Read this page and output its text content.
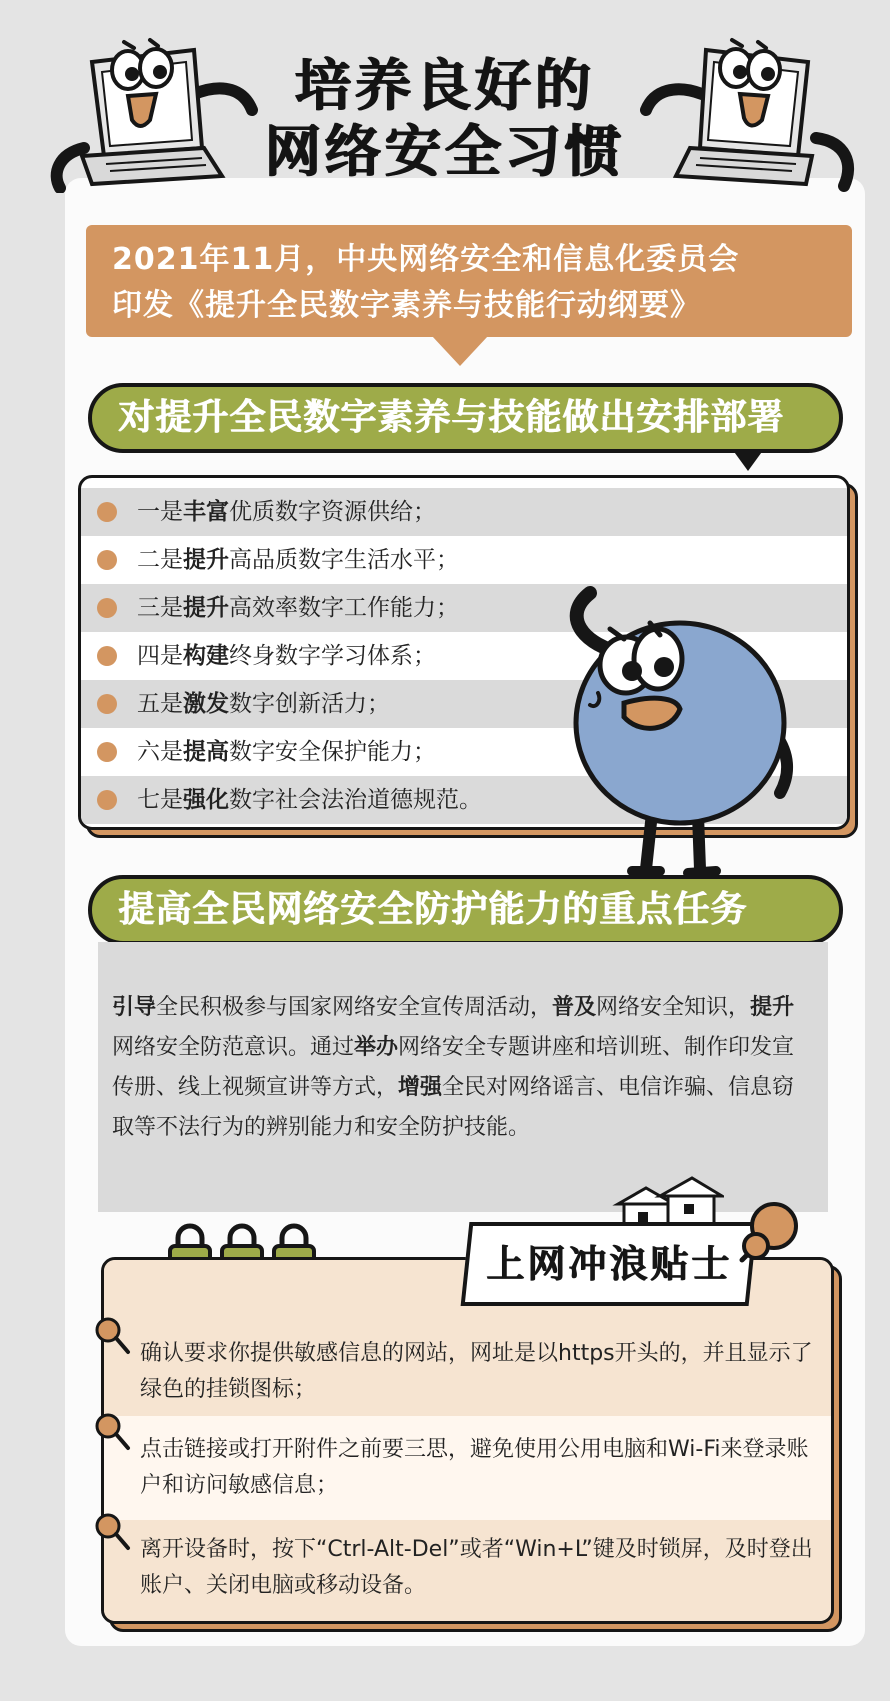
培养良好的
网络安全习惯
2021年11月，中央网络安全和信息化委员会
印发《提升全民数字素养与技能行动纲要》
对提升全民数字素养与技能做出安排部署
一是丰富优质数字资源供给；
二是提升高品质数字生活水平；
三是提升高效率数字工作能力；
四是构建终身数字学习体系；
五是激发数字创新活力；
六是提高数字安全保护能力；
七是强化数字社会法治道德规范。
提高全民网络安全防护能力的重点任务
引导全民积极参与国家网络安全宣传周活动，普及网络安全知识，提升网络安全防范意识。通过举办网络安全专题讲座和培训班、制作印发宣传册、线上视频宣讲等方式，增强全民对网络谣言、电信诈骗、信息窃取等不法行为的辨别能力和安全防护技能。
确认要求你提供敏感信息的网站，网址是以https开头的，并且显示了绿色的挂锁图标；
点击链接或打开附件之前要三思，避免使用公用电脑和Wi-Fi来登录账户和访问敏感信息；
离开设备时，按下“Ctrl-Alt-Del”或者“Win+L”键及时锁屏，及时登出账户、关闭电脑或移动设备。
上网冲浪贴士
